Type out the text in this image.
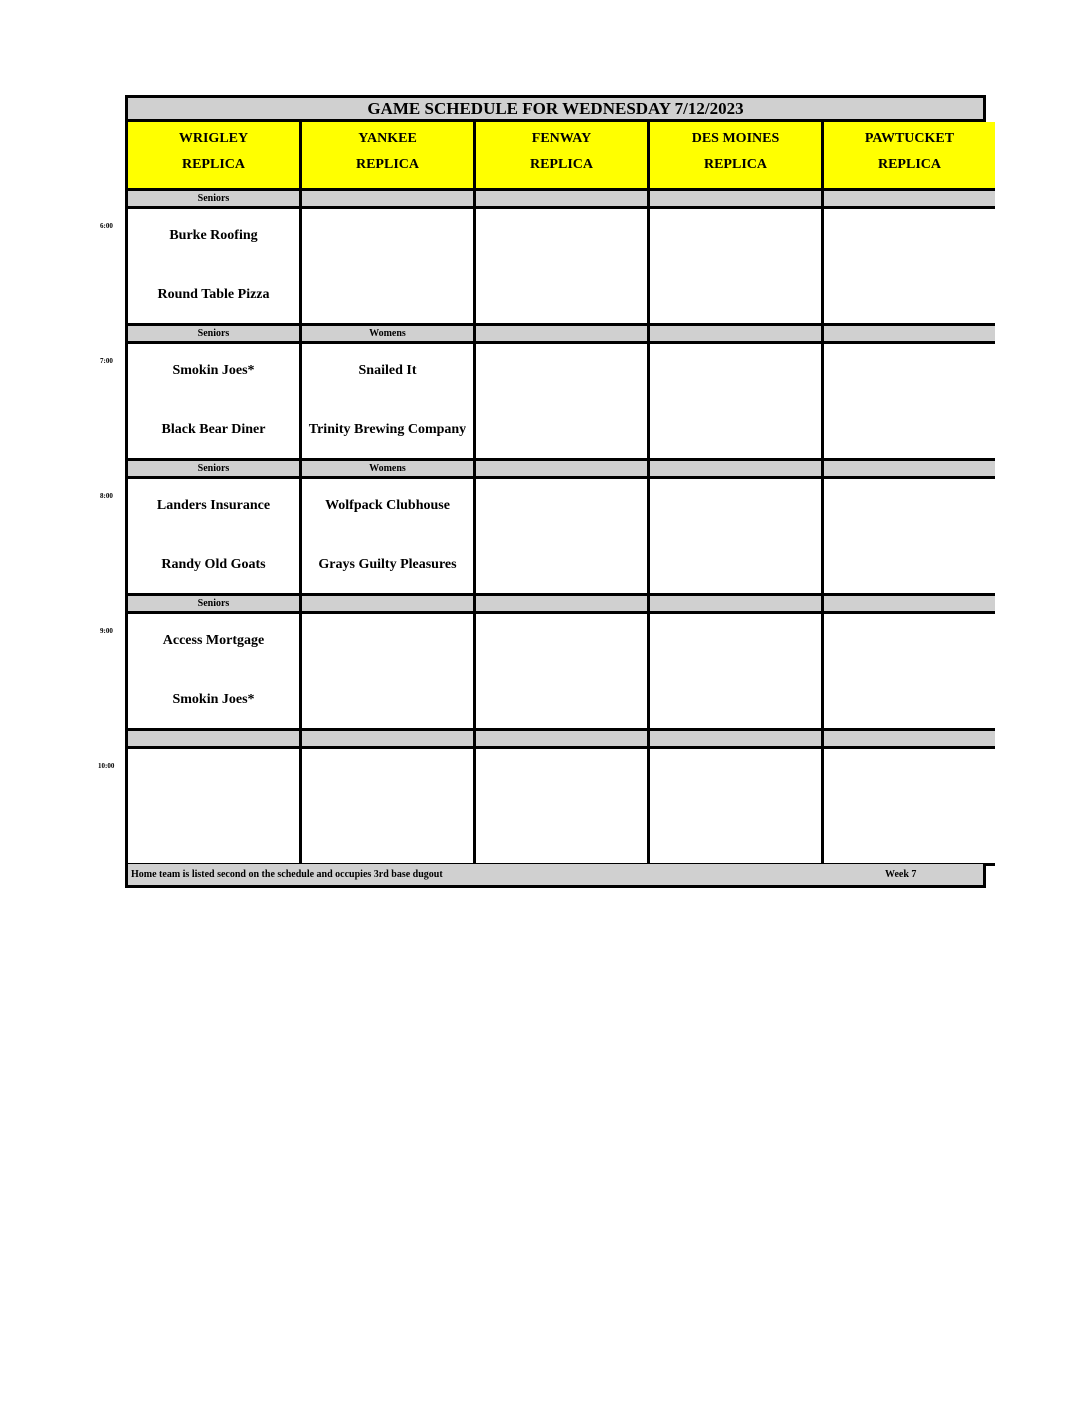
GAME SCHEDULE FOR WEDNESDAY 7/12/2023
WRIGLEY
REPLICA
Seniors
Burke Roofing
Round Table Pizza
Seniors
Smokin Joes*
Black Bear Diner
Seniors
Landers Insurance
Randy Old Goats
Seniors
Access Mortgage
Smokin Joes*
YANKEE
REPLICA
Womens
Snailed It
Trinity Brewing Company
Womens
Wolfpack Clubhouse
Grays Guilty Pleasures
FENWAY
REPLICA
DES MOINES
REPLICA
PAWTUCKET
REPLICA
Home team is listed second on the schedule and occupies 3rd base dugout	Week 7
6:00
7:00
8:00
9:00
10:00
